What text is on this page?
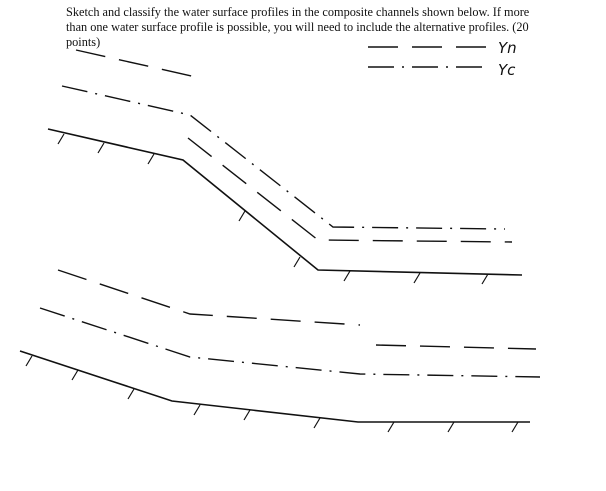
Sketch and classify the water surface profiles in the composite channels shown below. If more than one water surface profile is possible, you will need to include the alternative profiles. (20 points)	Yn
Yc
